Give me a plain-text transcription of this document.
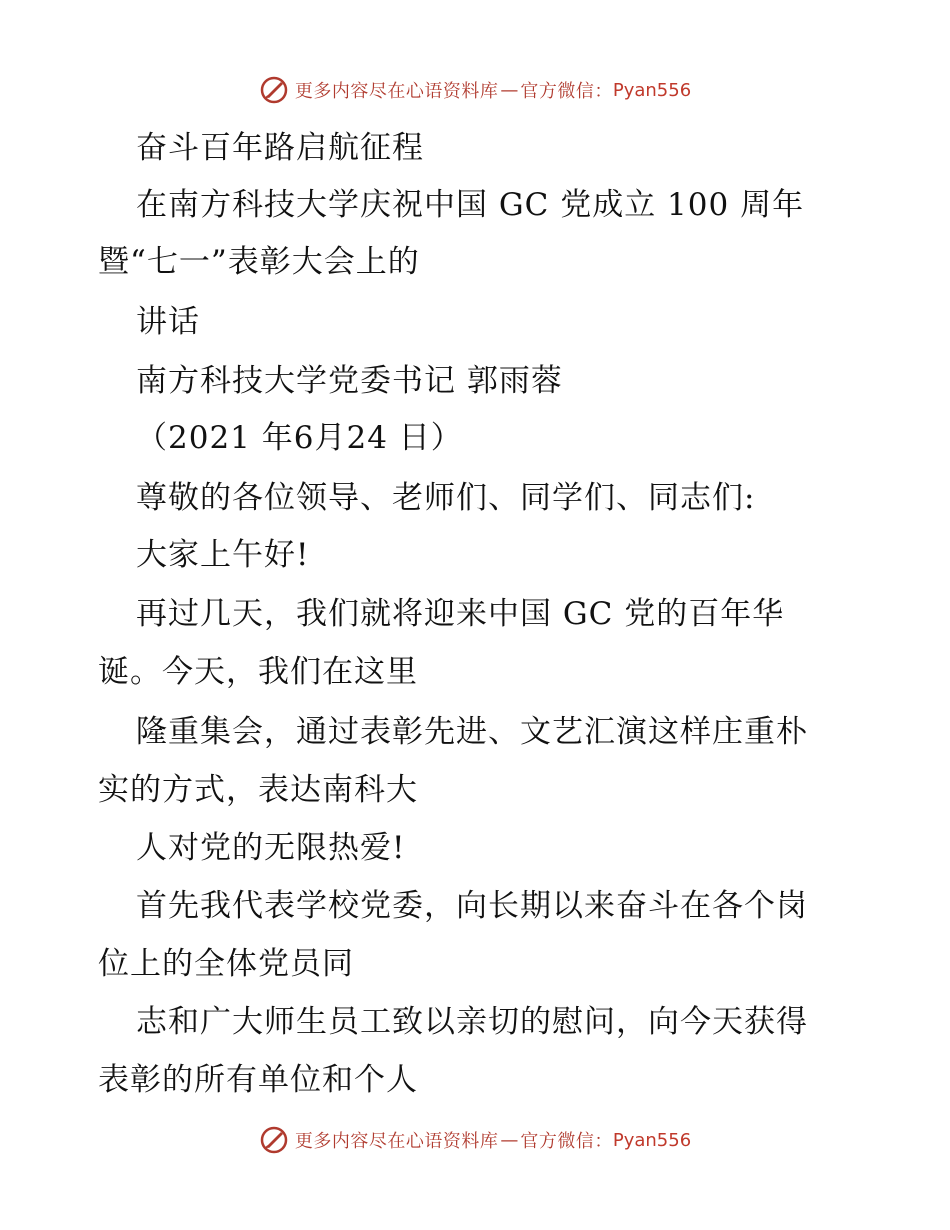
更多内容尽在心语资料库 — 官方微信： Pyan556
奋斗百年路启航征程
在南方科技大学庆祝中国 GC 党成立 100 周年
暨“七一”表彰大会上的
讲话
南方科技大学党委书记 郭雨蓉
（2021 年6月24 日）
尊敬的各位领导、老师们、同学们、同志们:
大家上午好!
再过几天，我们就将迎来中国 GC 党的百年华
诞。今天，我们在这里
隆重集会，通过表彰先进、文艺汇演这样庄重朴
实的方式，表达南科大
人对党的无限热爱!
首先我代表学校党委，向长期以来奋斗在各个岗
位上的全体党员同
志和广大师生员工致以亲切的慰问，向今天获得
表彰的所有单位和个人
更多内容尽在心语资料库 — 官方微信： Pyan556
